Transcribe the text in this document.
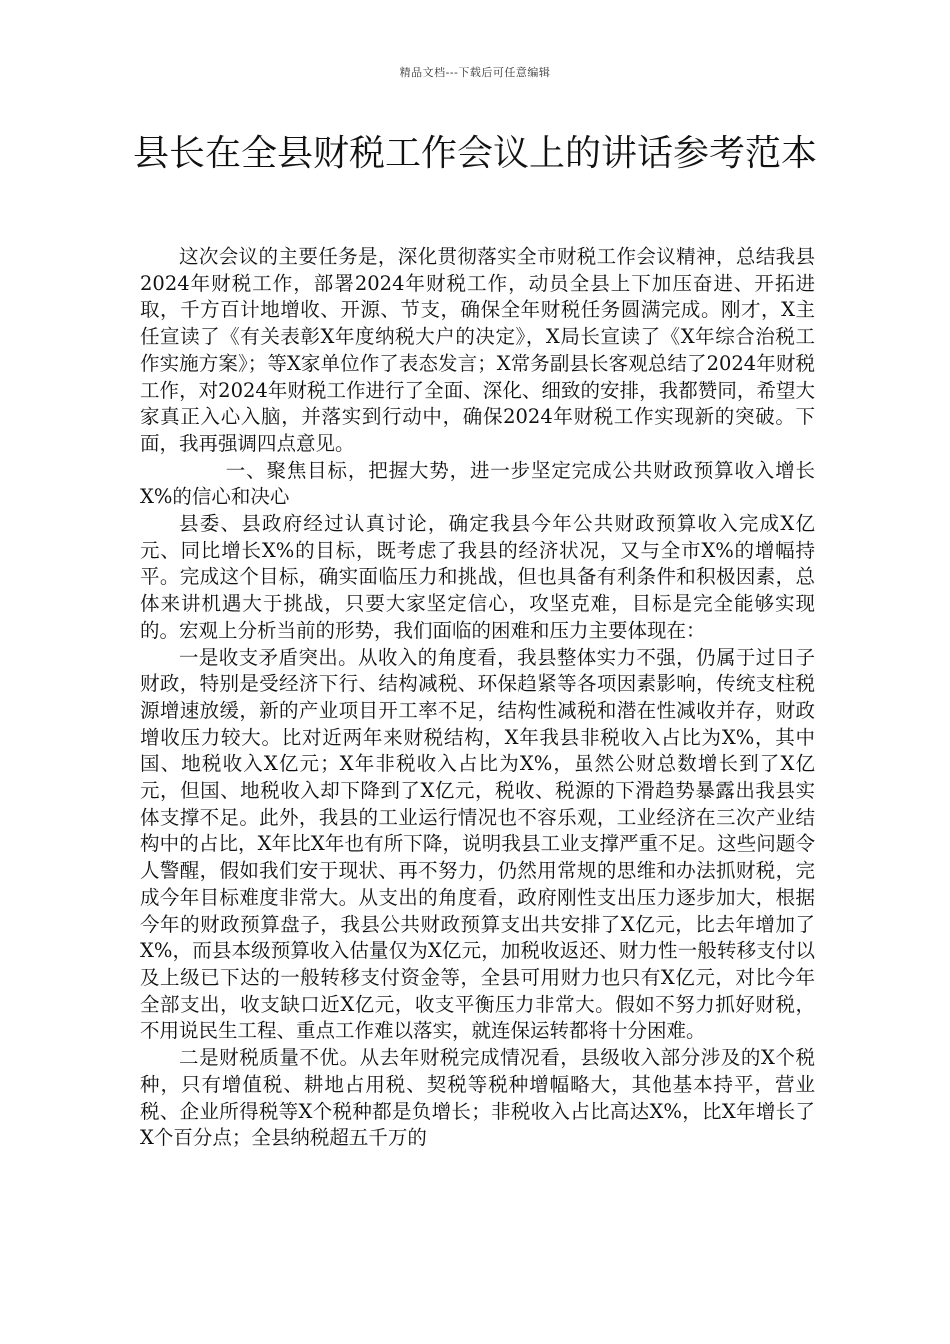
精品文档---下载后可任意编辑
县长在全县财税工作会议上的讲话参考范本

这次会议的主要任务是，深化贯彻落实全市财税工作会议精神，总结我县2024年财税工作，部署2024年财税工作，动员全县上下加压奋进、开拓进取，千方百计地增收、开源、节支，确保全年财税任务圆满完成。刚才，X主任宣读了《有关表彰X年度纳税大户的决定》，X局长宣读了《X年综合治税工作实施方案》；等X家单位作了表态发言；X常务副县长客观总结了2024年财税工作，对2024年财税工作进行了全面、深化、细致的安排，我都赞同，希望大家真正入心入脑，并落实到行动中，确保2024年财税工作实现新的突破。下面，我再强调四点意见。

一、聚焦目标，把握大势，进一步坚定完成公共财政预算收入增长X%的信心和决心

县委、县政府经过认真讨论，确定我县今年公共财政预算收入完成X亿元、同比增长X%的目标，既考虑了我县的经济状况，又与全市X%的增幅持平。完成这个目标，确实面临压力和挑战，但也具备有利条件和积极因素，总体来讲机遇大于挑战，只要大家坚定信心，攻坚克难，目标是完全能够实现的。宏观上分析当前的形势，我们面临的困难和压力主要体现在：

一是收支矛盾突出。从收入的角度看，我县整体实力不强，仍属于过日子财政，特别是受经济下行、结构减税、环保趋紧等各项因素影响，传统支柱税源增速放缓，新的产业项目开工率不足，结构性减税和潜在性减收并存，财政增收压力较大。比对近两年来财税结构，X年我县非税收入占比为X%，其中国、地税收入X亿元；X年非税收入占比为X%，虽然公财总数增长到了X亿元，但国、地税收入却下降到了X亿元，税收、税源的下滑趋势暴露出我县实体支撑不足。此外，我县的工业运行情况也不容乐观，工业经济在三次产业结构中的占比，X年比X年也有所下降，说明我县工业支撑严重不足。这些问题令人警醒，假如我们安于现状、再不努力，仍然用常规的思维和办法抓财税，完成今年目标难度非常大。从支出的角度看，政府刚性支出压力逐步加大，根据今年的财政预算盘子，我县公共财政预算支出共安排了X亿元，比去年增加了X%，而县本级预算收入估量仅为X亿元，加税收返还、财力性一般转移支付以及上级已下达的一般转移支付资金等，全县可用财力也只有X亿元，对比今年全部支出，收支缺口近X亿元，收支平衡压力非常大。假如不努力抓好财税，不用说民生工程、重点工作难以落实，就连保运转都将十分困难。

二是财税质量不优。从去年财税完成情况看，县级收入部分涉及的X个税种，只有增值税、耕地占用税、契税等税种增幅略大，其他基本持平，营业税、企业所得税等X个税种都是负增长；非税收入占比高达X%，比X年增长了X个百分点；全县纳税超五千万的
